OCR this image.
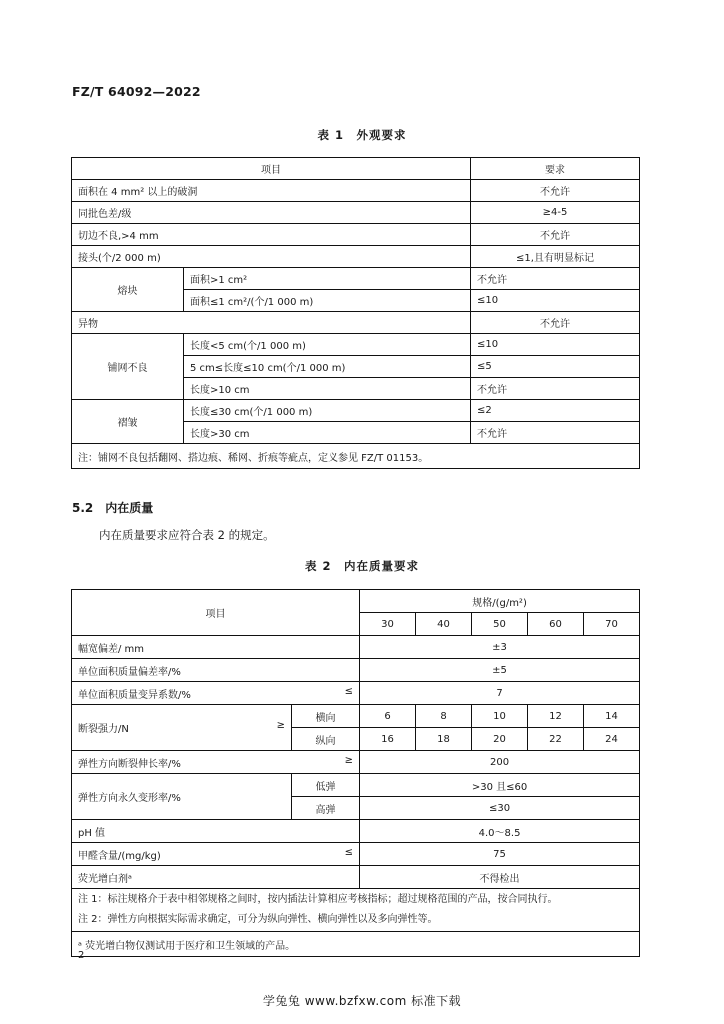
FZ/T 64092—2022
表 1　外观要求
项目		要求
面积在 4 mm² 以上的破洞		不允许
同批色差/级		≥4-5
切边不良,>4 mm		不允许
接头(个/2 000 m)		≤1,且有明显标记
熔块	面积>1 cm²	不允许
	面积≤1 cm²/(个/1 000 m)	≤10
异物		不允许
铺网不良	长度<5 cm(个/1 000 m)	≤10
	5 cm≤长度≤10 cm(个/1 000 m)	≤5
	长度>10 cm	不允许
褶皱	长度≤30 cm(个/1 000 m)	≤2
	长度>30 cm	不允许
注：铺网不良包括翻网、搭边痕、稀网、折痕等疵点，定义参见 FZ/T 01153。		
5.2　内在质量
内在质量要求应符合表 2 的规定。
表 2　内在质量要求
项目		规格/(g/m²)				
		30	40	50	60	70
幅宽偏差/ mm		±3				
单位面积质量偏差率/%		±5				

单位面积质量变异系数/% ≤		7				

断裂强力/N ≥	横向	6	8	10	12	14
	纵向	16	18	20	22	24

弹性方向断裂伸长率/% ≥		200				
弹性方向永久变形率/%	低弹	>30 且≤60				
	高弹	≤30				
pH 值		4.0～8.5				

甲醛含量/(mg/kg) ≤		75				
荧光增白剂ᵃ		不得检出				

注 1：标注规格介于表中相邻规格之间时，按内插法计算相应考核指标；超过规格范围的产品，按合同执行。
注 2：弹性方向根据实际需求确定，可分为纵向弹性、横向弹性以及多向弹性等。						

ᵃ 荧光增白物仅测试用于医疗和卫生领域的产品。						
2
学兔兔 www.bzfxw.com 标准下载
